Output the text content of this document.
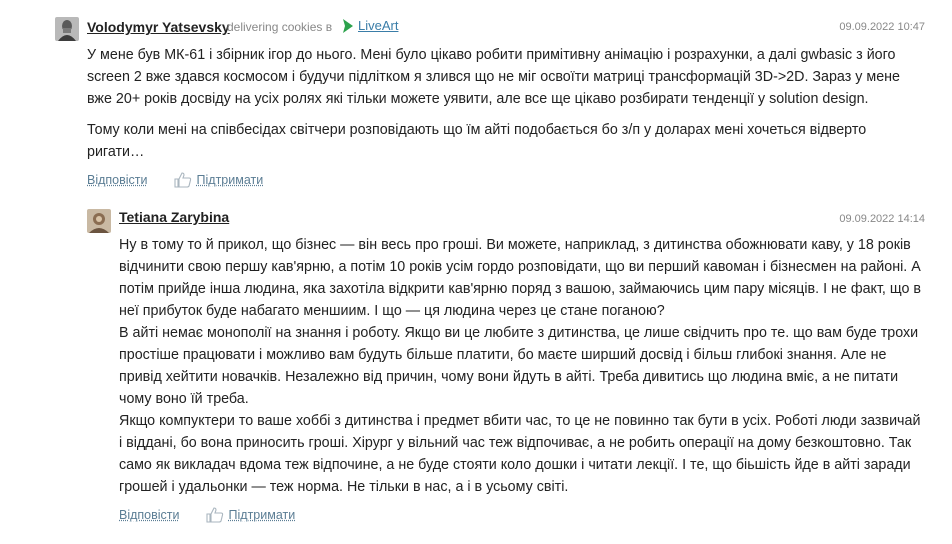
Volodymyr Yatsevsky
delivering cookies в LiveArt	09.09.2022 10:47

У мене був МК-61 і збірник ігор до нього. Мені було цікаво робити примітивну анімацію і розрахунки, а далі gwbasic з його screen 2 вже здався космосом і будучи підлітком я злився що не міг освоїти матриці трансформацій 3D->2D. Зараз у мене вже 20+ років досвіду на усіх ролях які тільки можете уявити, але все ще цікаво розбирати тенденції у solution design.

Тому коли мені на співбесідах світчери розповідають що їм айті подобається бо з/п у доларах мені хочеться відверто ригати…

Відповісти	Підтримати
Tetiana Zarybina	09.09.2022 14:14

Ну в тому то й прикол, що бізнес — він весь про гроші. Ви можете, наприклад, з дитинства обожнювати каву, у 18 років відчинити свою першу кав'ярню, а потім 10 років усім гордо розповідати, що ви перший кавоман і бізнесмен на районі. А потім прийде інша людина, яка захотіла відкрити кав'ярню поряд з вашою, займаючись цим пару місяців. І не факт, що в неї прибуток буде набагато меншиим. І що — ця людина через це стане поганою?

В айті немає монополії на знання і роботу. Якщо ви це любите з дитинства, це лише свідчить про те. що вам буде трохи простіше працювати і можливо вам будуть більше платити, бо маєте ширший досвід і більш глибокі знання. Але не привід хейтити новачків. Незалежно від причин, чому вони йдуть в айті. Треба дивитись що людина вміє, а не питати чому воно їй треба.

Якщо компуктери то ваше хоббі з дитинства і предмет вбити час, то це не повинно так бути в усіх. Роботі люди зазвичай і віддані, бо вона приносить гроші. Хірург у вільний час теж відпочиває, а не робить операції на дому безкоштовно. Так само як викладач вдома теж відпочине, а не буде стояти коло дошки і читати лекції. І те, що біьшість йде в айті заради грошей і удальонки — теж норма. Не тільки в нас, а і в усьому світі.

Відповісти	Підтримати
